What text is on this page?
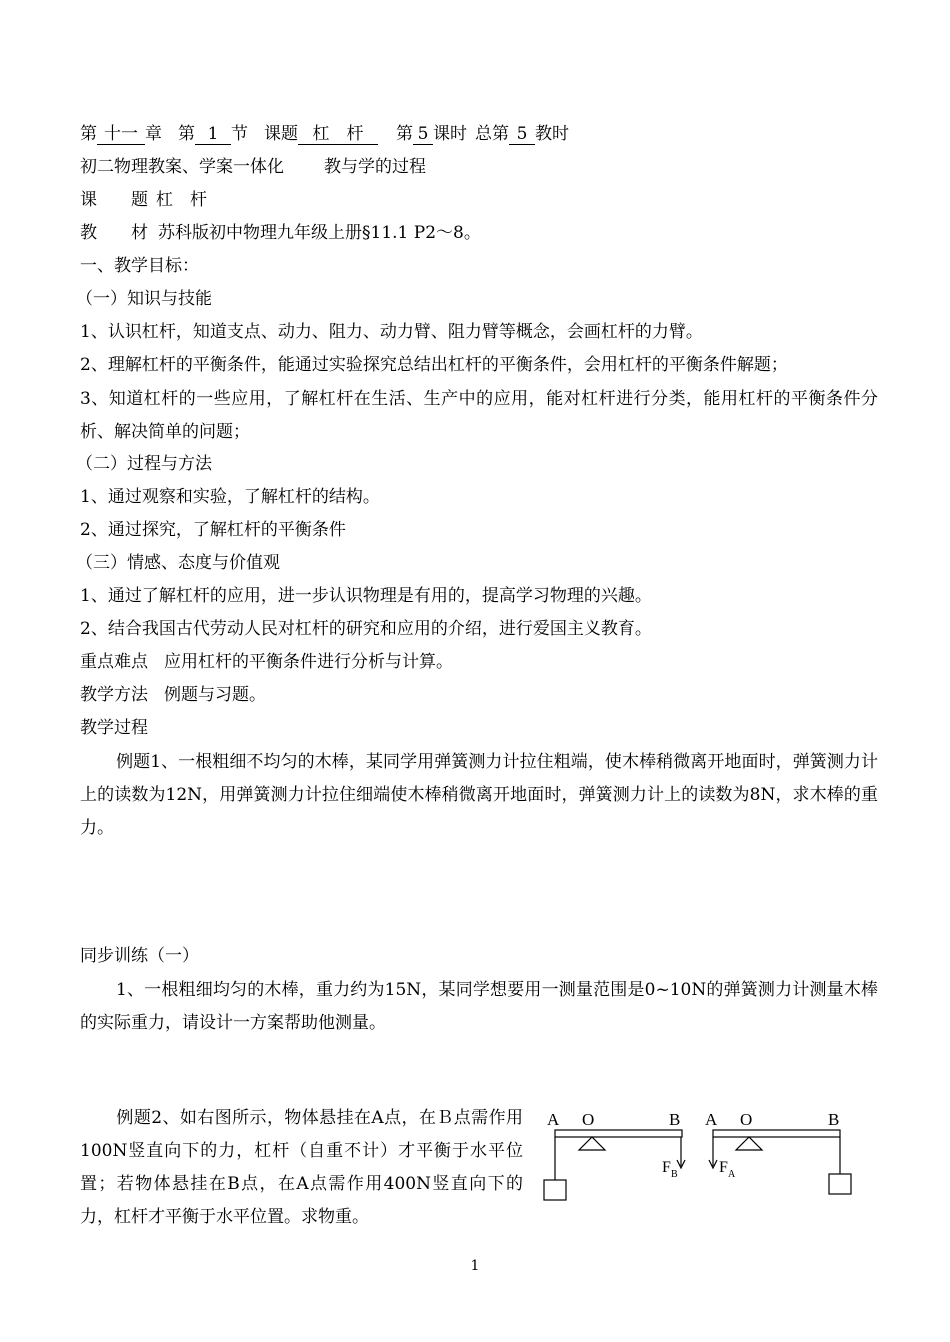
第 十一 章 第 1 节 课题 杠　杆 第 5 课时 总第 5 教时
初二物理教案、学案一体化 教与学的过程
课　　题 杠　杆
教　　材 苏科版初中物理九年级上册§11.1 P2～8。
一、教学目标：
（一）知识与技能
1、认识杠杆，知道支点、动力、阻力、动力臂、阻力臂等概念，会画杠杆的力臂。
2、理解杠杆的平衡条件，能通过实验探究总结出杠杆的平衡条件，会用杠杆的平衡条件解题；
3、知道杠杆的一些应用，了解杠杆在生活、生产中的应用，能对杠杆进行分类，能用杠杆的平衡条件分析、解决简单的问题；
（二）过程与方法
1、通过观察和实验，了解杠杆的结构。
2、通过探究，了解杠杆的平衡条件
（三）情感、态度与价值观
1、通过了解杠杆的应用，进一步认识物理是有用的，提高学习物理的兴趣。
2、结合我国古代劳动人民对杠杆的研究和应用的介绍，进行爱国主义教育。
重点难点 应用杠杆的平衡条件进行分析与计算。
教学方法 例题与习题。
教学过程
例题1、一根粗细不均匀的木棒，某同学用弹簧测力计拉住粗端，使木棒稍微离开地面时，弹簧测力计上的读数为12N，用弹簧测力计拉住细端使木棒稍微离开地面时，弹簧测力计上的读数为8N，求木棒的重力。
同步训练（一）
1、一根粗细均匀的木棒，重力约为15N，某同学想要用一测量范围是0~10N的弹簧测力计测量木棒的实际重力，请设计一方案帮助他测量。
例题2、如右图所示，物体悬挂在A点，在Ｂ点需作用100N竖直向下的力，杠杆（自重不计）才平衡于水平位置；若物体悬挂在B点，在A点需作用400N竖直向下的力，杠杆才平衡于水平位置。求物重。
A O	B
F B
A O	B
F A
1
